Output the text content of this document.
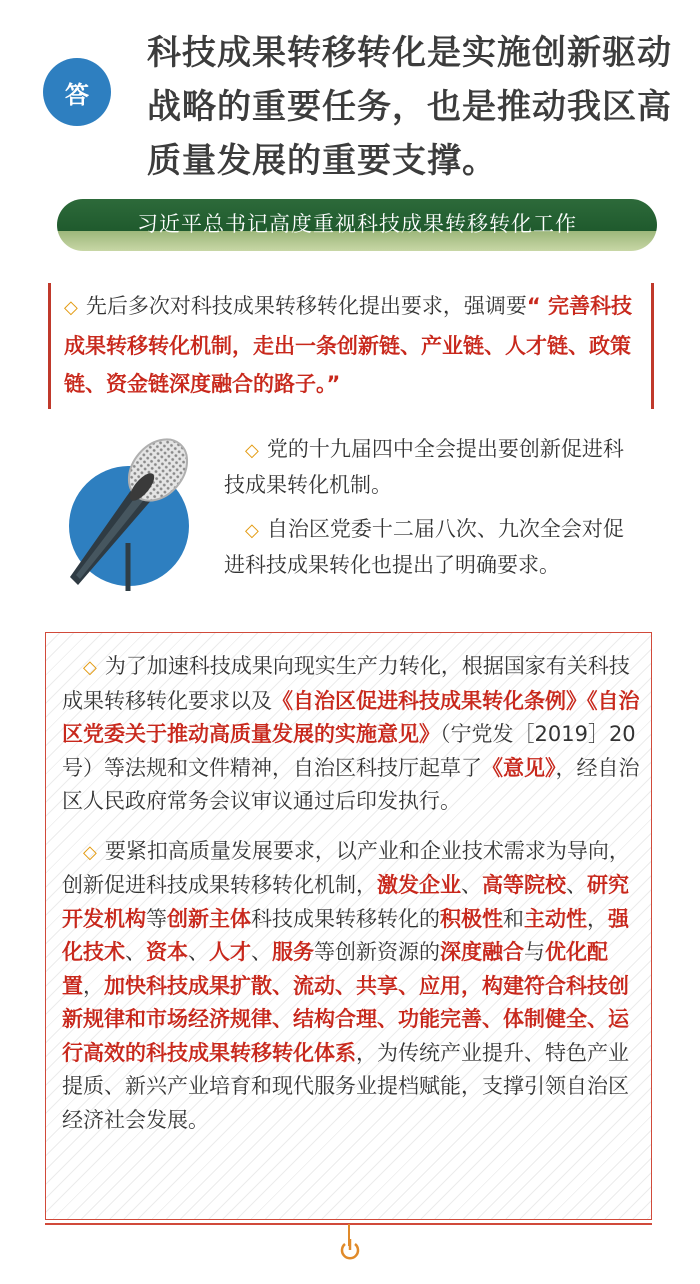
答
科技成果转移转化是实施创新驱动战略的重要任务，也是推动我区高质量发展的重要支撑。
习近平总书记高度重视科技成果转移转化工作
◇ 先后多次对科技成果转移转化提出要求，强调要“ 完善科技成果转移转化机制，走出一条创新链、产业链、人才链、政策链、资金链深度融合的路子。”

◇ 党的十九届四中全会提出要创新促进科技成果转化机制。

◇ 自治区党委十二届八次、九次全会对促进科技成果转化也提出了明确要求。

◇ 为了加速科技成果向现实生产力转化，根据国家有关科技成果转移转化要求以及《自治区促进科技成果转化条例》《自治区党委关于推动高质量发展的实施意见》（宁党发［2019］20号）等法规和文件精神，自治区科技厅起草了《意见》，经自治区人民政府常务会议审议通过后印发执行。

◇ 要紧扣高质量发展要求，以产业和企业技术需求为导向，创新促进科技成果转移转化机制，激发企业、高等院校、研究开发机构等创新主体科技成果转移转化的积极性和主动性，强化技术、资本、人才、服务等创新资源的深度融合与优化配置，加快科技成果扩散、流动、共享、应用，构建符合科技创新规律和市场经济规律、结构合理、功能完善、体制健全、运行高效的科技成果转移转化体系，为传统产业提升、特色产业提质、新兴产业培育和现代服务业提档赋能，支撑引领自治区经济社会发展。
